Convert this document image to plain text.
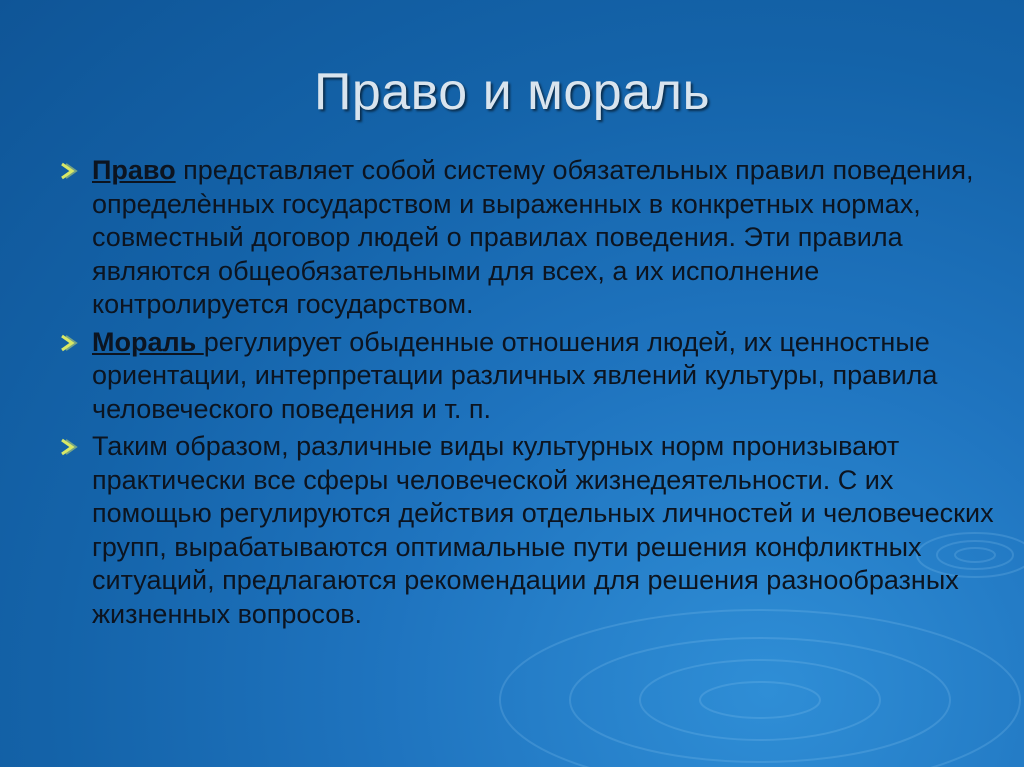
Право и мораль
Право представляет собой систему обязательных правил поведения, определѐнных государством и выраженных в конкретных нормах, совместный договор людей о правилах поведения. Эти правила являются общеобязательными для всех, а их исполнение контролируется государством.
Мораль регулирует обыденные отношения людей, их ценностные ориентации, интерпретации различных явлений культуры, правила человеческого поведения и т. п.
Таким образом, различные виды культурных норм пронизывают практически все сферы человеческой жизнедеятельности. С их помощью регулируются действия отдельных личностей и человеческих групп, вырабатываются оптимальные пути решения конфликтных ситуаций, предлагаются рекомендации для решения разнообразных жизненных вопросов.
